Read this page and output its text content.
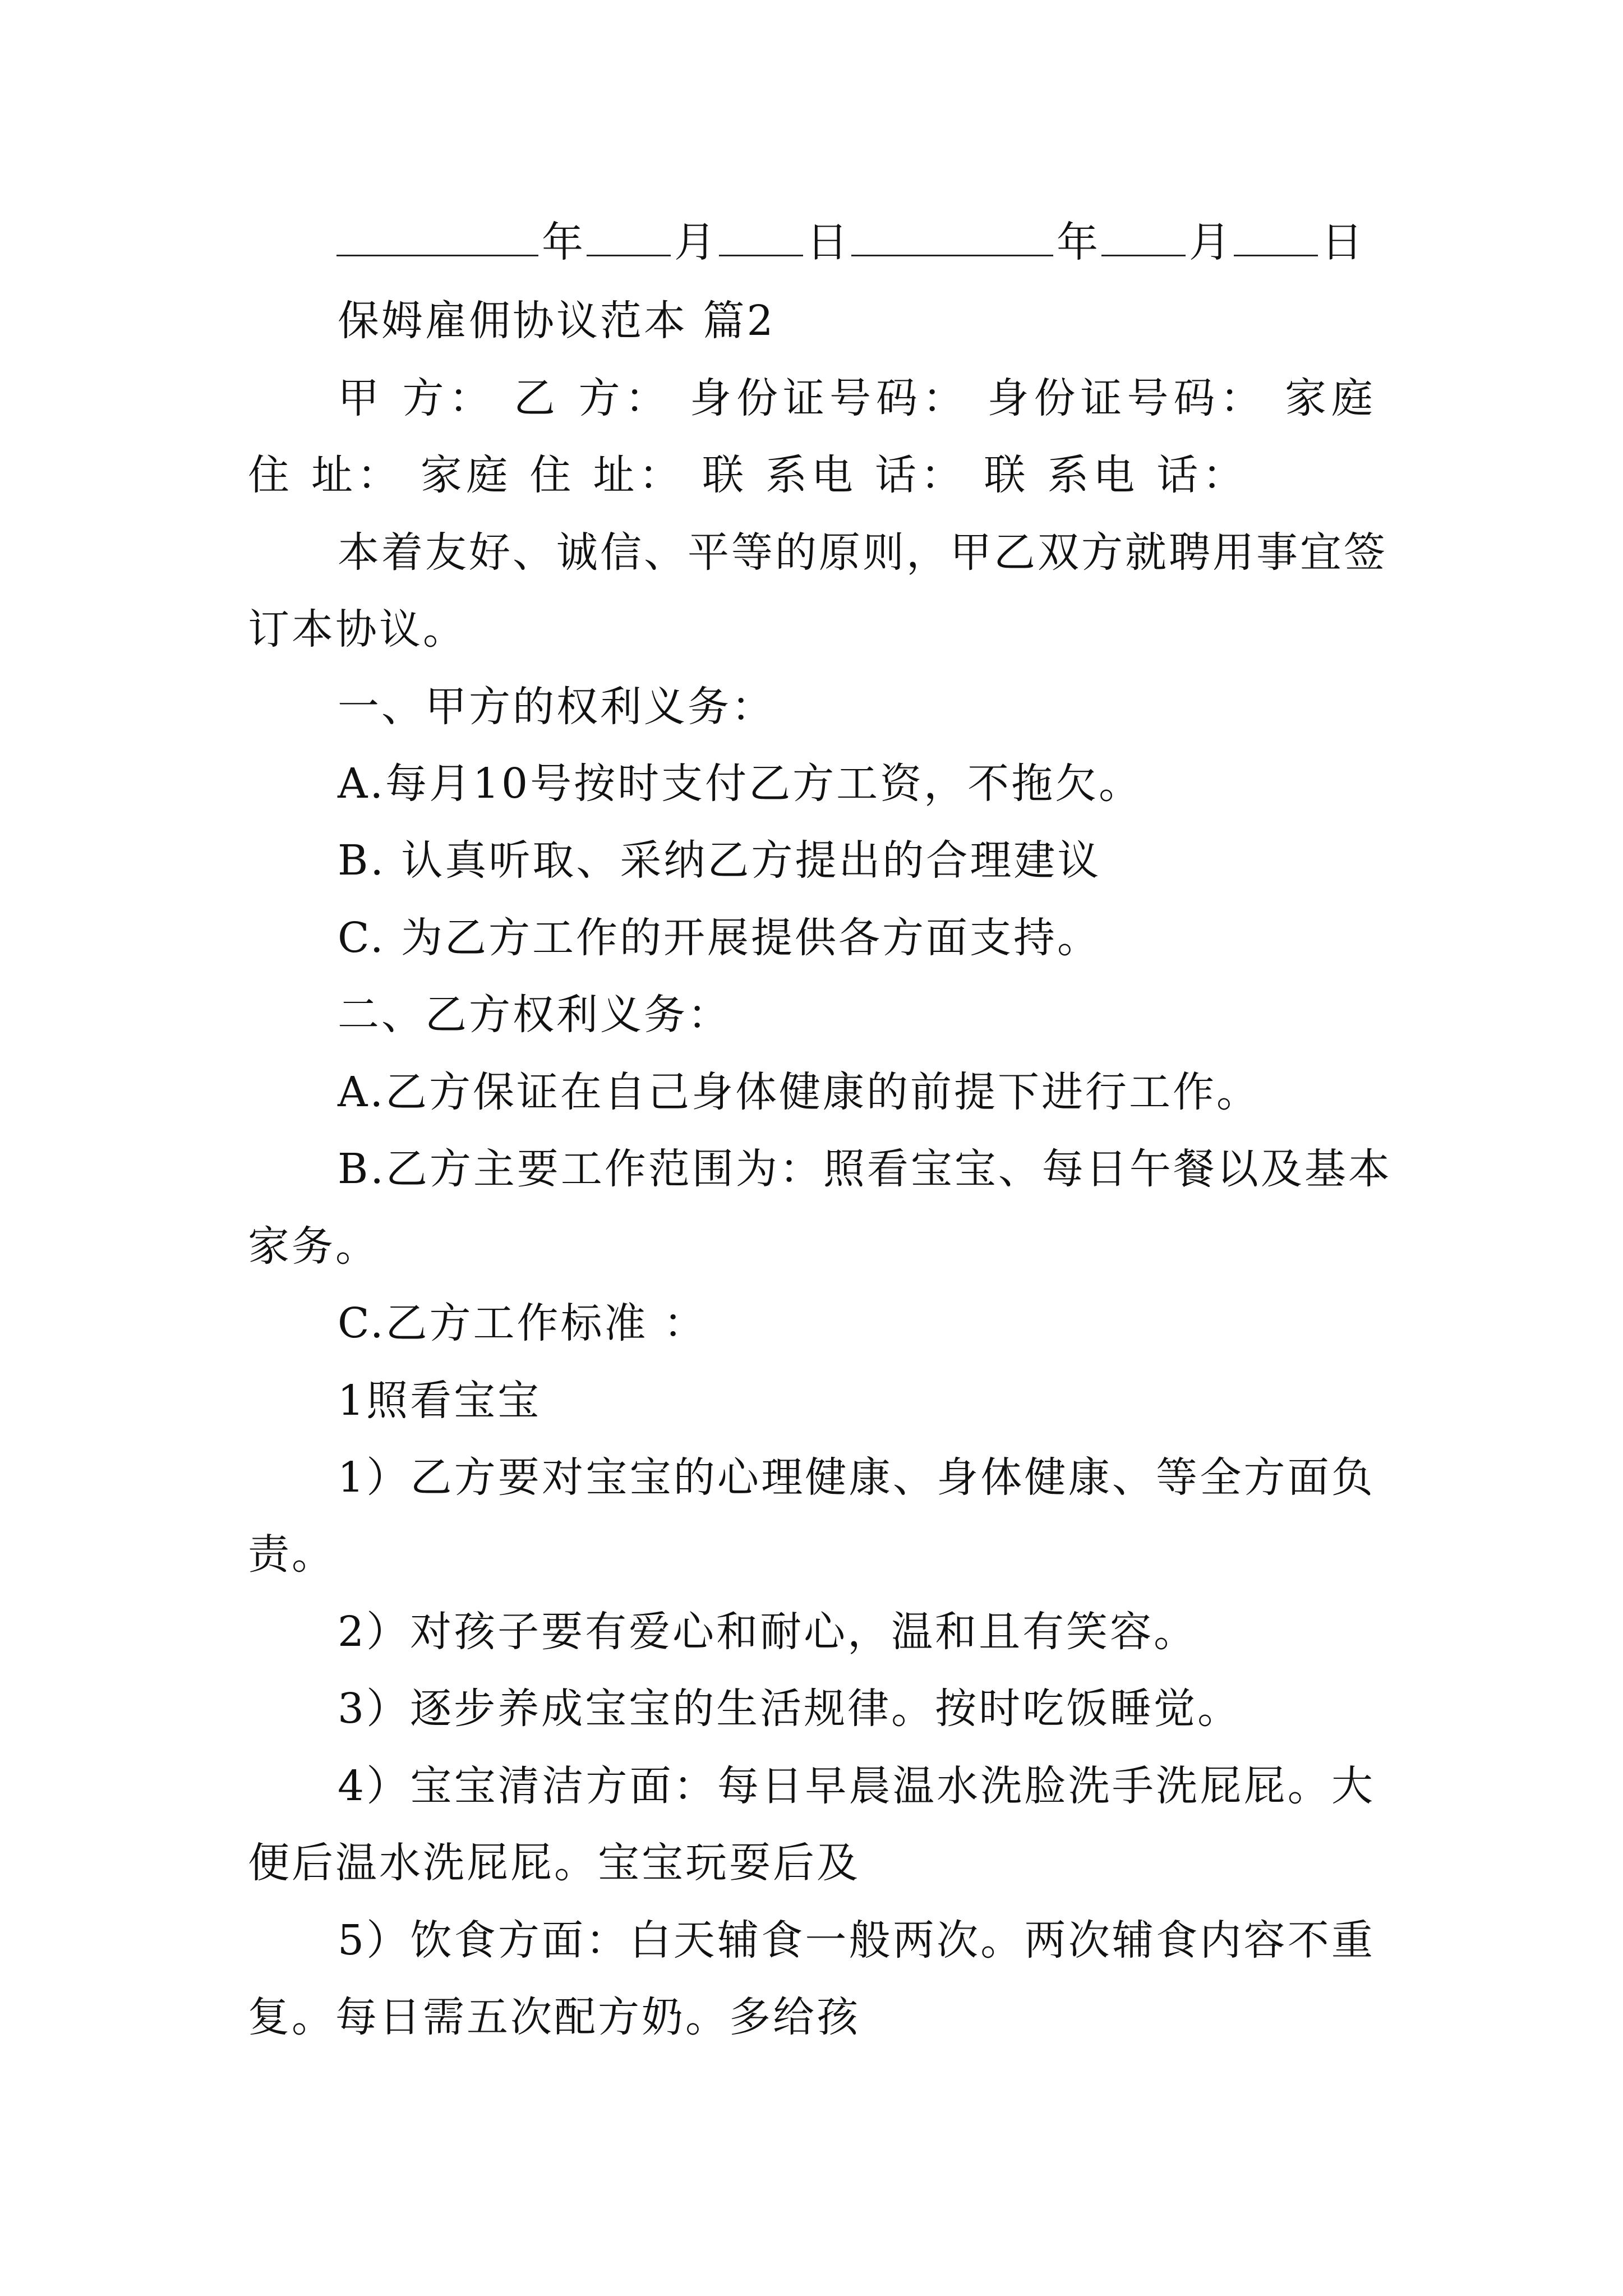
年 月 日	年 月 日
保姆雇佣协议范本 篇2
甲 方： 乙 方： 身份证号码： 身份证号码： 家庭
住 址： 家庭 住 址： 联 系电 话： 联 系电 话：
本着友好、诚信、平等的原则，甲乙双方就聘用事宜签
订本协议。
一、甲方的权利义务：
A.每月10号按时支付乙方工资，不拖欠。
B. 认真听取、采纳乙方提出的合理建议
C. 为乙方工作的开展提供各方面支持。
二、乙方权利义务：
A.乙方保证在自己身体健康的前提下进行工作。
B.乙方主要工作范围为：照看宝宝、每日午餐以及基本
家务。
C.乙方工作标准 ：
1照看宝宝
1）乙方要对宝宝的心理健康、身体健康、等全方面负
责。
2）对孩子要有爱心和耐心，温和且有笑容。
3）逐步养成宝宝的生活规律。按时吃饭睡觉。
4）宝宝清洁方面：每日早晨温水洗脸洗手洗屁屁。大
便后温水洗屁屁。宝宝玩耍后及
5）饮食方面：白天辅食一般两次。两次辅食内容不重
复。每日需五次配方奶。多给孩
